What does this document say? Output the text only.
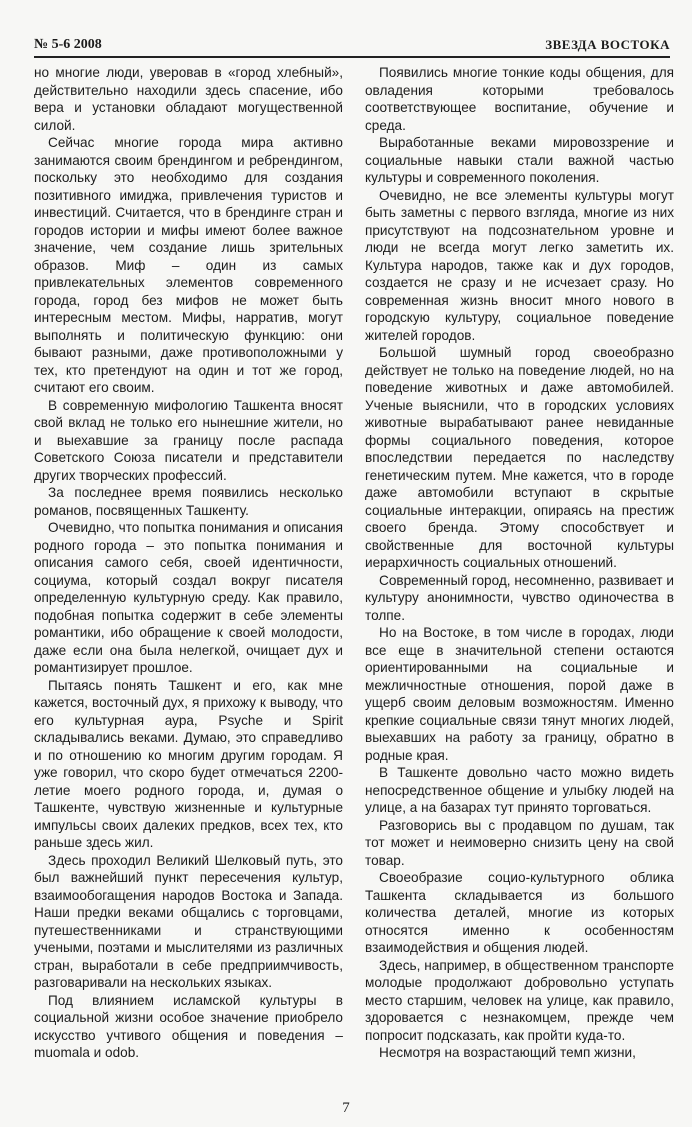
№ 5-6 2008	ЗВЕЗДА ВОСТОКА

но многие люди, уверовав в «город хлебный», действительно находили здесь спасение, ибо вера и установки обладают могущественной силой.

Сейчас многие города мира активно занимаются своим брендингом и ребрендингом, поскольку это необходимо для создания позитивного имиджа, привлечения туристов и инвестиций. Считается, что в брендинге стран и городов истории и мифы имеют более важное значение, чем создание лишь зрительных образов. Миф – один из самых привлекательных элементов современного города, город без мифов не может быть интересным местом. Мифы, нарратив, могут выполнять и политическую функцию: они бывают разными, даже противоположными у тех, кто претендуют на один и тот же город, считают его своим.

В современную мифологию Ташкента вносят свой вклад не только его нынешние жители, но и выехавшие за границу после распада Советского Союза писатели и представители других творческих профессий.

За последнее время появились несколько романов, посвященных Ташкенту.

Очевидно, что попытка понимания и описания родного города – это попытка понимания и описания самого себя, своей идентичности, социума, который создал вокруг писателя определенную культурную среду. Как правило, подобная попытка содержит в себе элементы романтики, ибо обращение к своей молодости, даже если она была нелегкой, очищает дух и романтизирует прошлое.

Пытаясь понять Ташкент и его, как мне кажется, восточный дух, я прихожу к выводу, что его культурная аура, Psyche и Spirit складывались веками. Думаю, это справедливо и по отношению ко многим другим городам. Я уже говорил, что скоро будет отмечаться 2200-летие моего родного города, и, думая о Ташкенте, чувствую жизненные и культурные импульсы своих далеких предков, всех тех, кто раньше здесь жил.

Здесь проходил Великий Шелковый путь, это был важнейший пункт пересечения культур, взаимообогащения народов Востока и Запада. Наши предки веками общались с торговцами, путешественниками и странствующими учеными, поэтами и мыслителями из различных стран, выработали в себе предприимчивость, разговаривали на нескольких языках.

Под влиянием исламской культуры в социальной жизни особое значение приобрело искусство учтивого общения и поведения – muomala и odob.

Появились многие тонкие коды общения, для овладения которыми требовалось соответствующее воспитание, обучение и среда.

Выработанные веками мировоззрение и социальные навыки стали важной частью культуры и современного поколения.

Очевидно, не все элементы культуры могут быть заметны с первого взгляда, многие из них присутствуют на подсознательном уровне и люди не всегда могут легко заметить их. Культура народов, также как и дух городов, создается не сразу и не исчезает сразу. Но современная жизнь вносит много нового в городскую культуру, социальное поведение жителей городов.

Большой шумный город своеобразно действует не только на поведение людей, но на поведение животных и даже автомобилей. Ученые выяснили, что в городских условиях животные вырабатывают ранее невиданные формы социального поведения, которое впоследствии передается по наследству генетическим путем. Мне кажется, что в городе даже автомобили вступают в скрытые социальные интеракции, опираясь на престиж своего бренда. Этому способствует и свойственные для восточной культуры иерархичность социальных отношений.

Современный город, несомненно, развивает и культуру анонимности, чувство одиночества в толпе.

Но на Востоке, в том числе в городах, люди все еще в значительной степени остаются ориентированными на социальные и межличностные отношения, порой даже в ущерб своим деловым возможностям. Именно крепкие социальные связи тянут многих людей, выехавших на работу за границу, обратно в родные края.

В Ташкенте довольно часто можно видеть непосредственное общение и улыбку людей на улице, а на базарах тут принято торговаться.

Разговорись вы с продавцом по душам, так тот может и неимоверно снизить цену на свой товар.

Своеобразие социо-культурного облика Ташкента складывается из большого количества деталей, многие из которых относятся именно к особенностям взаимодействия и общения людей.

Здесь, например, в общественном транспорте молодые продолжают добровольно уступать место старшим, человек на улице, как правило, здоровается с незнакомцем, прежде чем попросит подсказать, как пройти куда-то.

Несмотря на возрастающий темп жизни,

7
